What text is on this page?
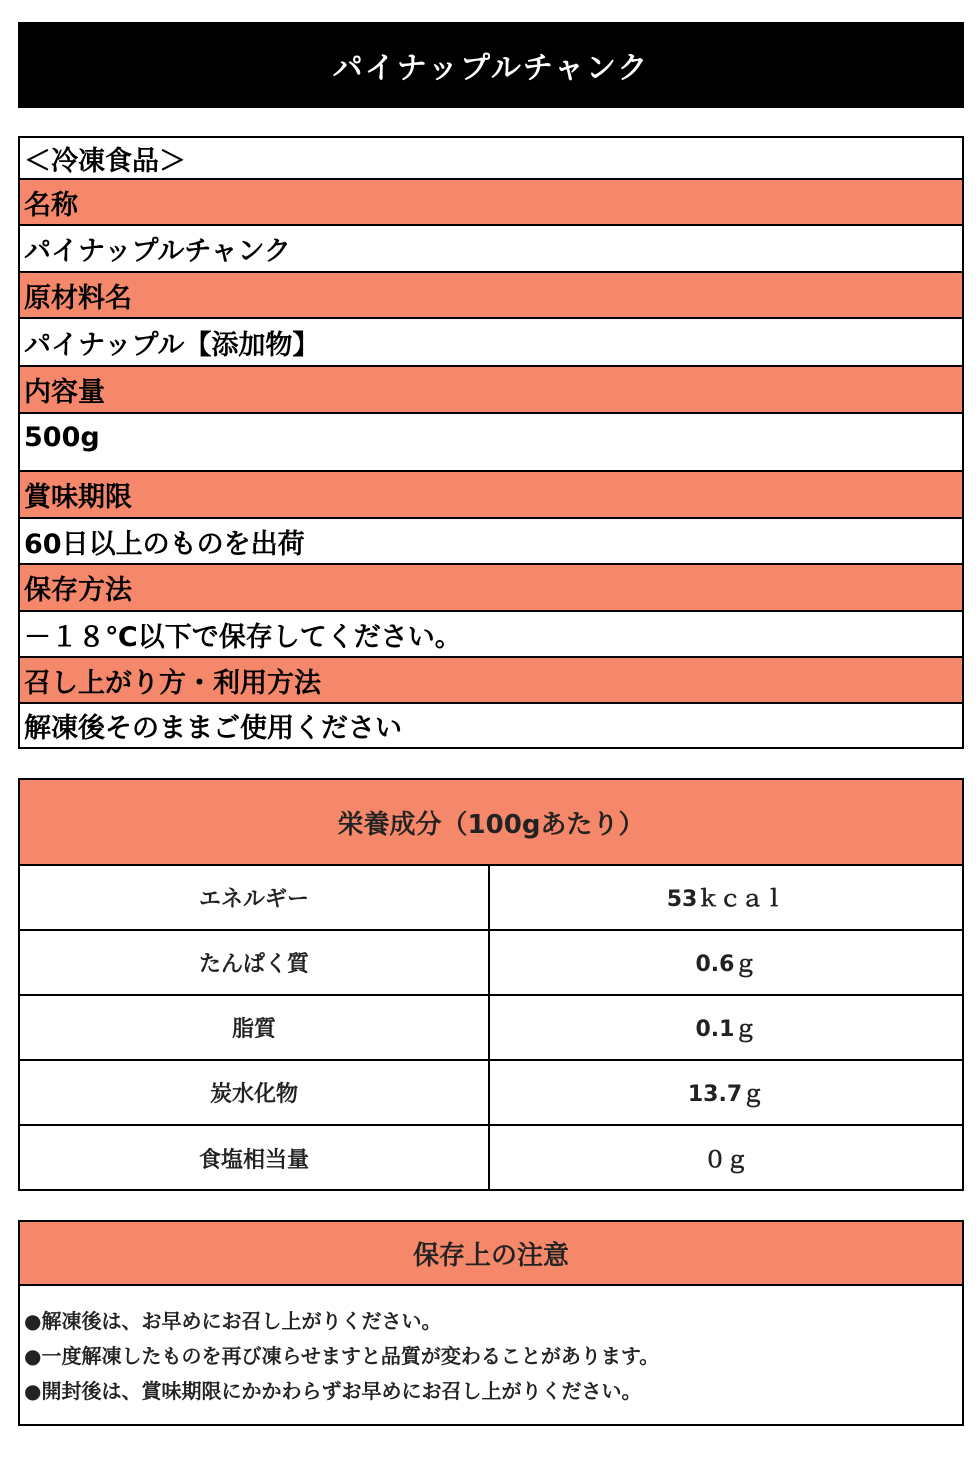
パイナップルチャンク
＜冷凍食品＞
名称
パイナップルチャンク
原材料名
パイナップル【添加物】
内容量
500g
賞味期限
60日以上のものを出荷
保存方法
－１８℃以下で保存してください。
召し上がり方・利用方法
解凍後そのままご使用ください
栄養成分（100gあたり）
エネルギー	53ｋｃａｌ
たんぱく質	0.6ｇ
脂質	0.1ｇ
炭水化物	13.7ｇ
食塩相当量	０ｇ
保存上の注意
●解凍後は、お早めにお召し上がりください。
●一度解凍したものを再び凍らせますと品質が変わることがあります。
●開封後は、賞味期限にかかわらずお早めにお召し上がりください。
